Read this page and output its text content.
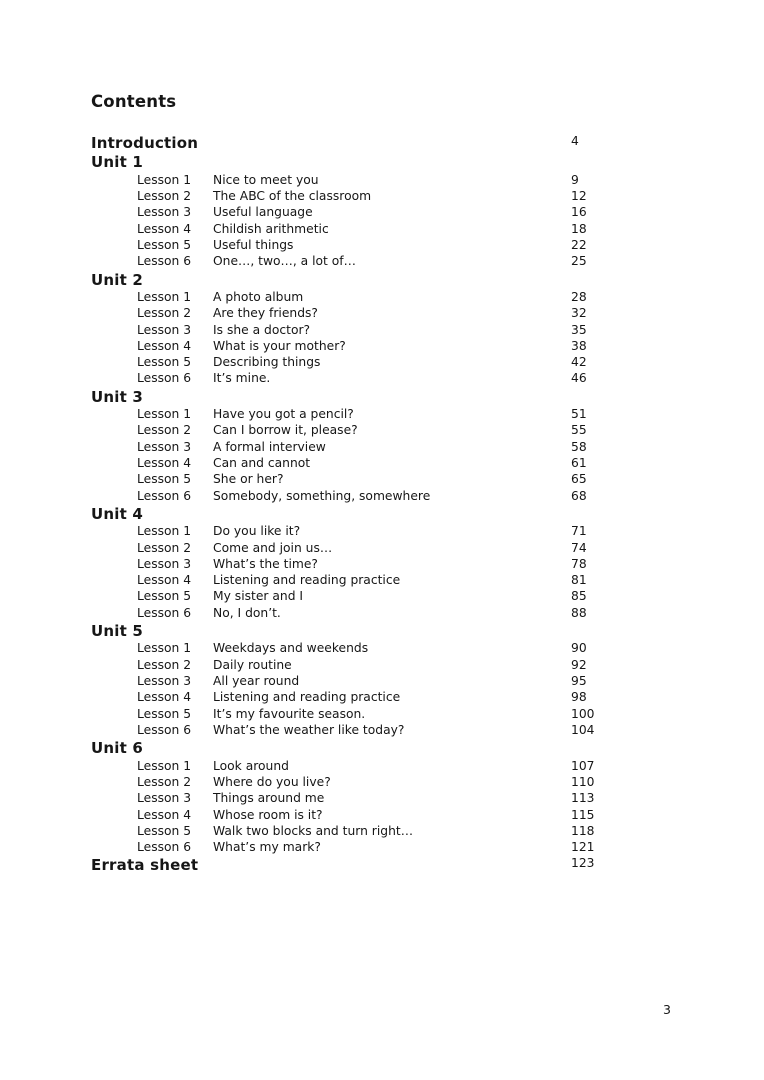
Contents
Introduction	4
Unit 1
Lesson 1 Nice to meet you	9
Lesson 2 The ABC of the classroom	12
Lesson 3 Useful language	16
Lesson 4 Childish arithmetic	18
Lesson 5 Useful things	22
Lesson 6 One…, two…, a lot of…	25
Unit 2
Lesson 1 A photo album	28
Lesson 2 Are they friends?	32
Lesson 3 Is she a doctor?	35
Lesson 4 What is your mother?	38
Lesson 5 Describing things	42
Lesson 6 It’s mine.	46
Unit 3
Lesson 1 Have you got a pencil?	51
Lesson 2 Can I borrow it, please?	55
Lesson 3 A formal interview	58
Lesson 4 Can and cannot	61
Lesson 5 She or her?	65
Lesson 6 Somebody, something, somewhere	68
Unit 4
Lesson 1 Do you like it?	71
Lesson 2 Come and join us…	74
Lesson 3 What’s the time?	78
Lesson 4 Listening and reading practice	81
Lesson 5 My sister and I	85
Lesson 6 No, I don’t.	88
Unit 5
Lesson 1 Weekdays and weekends	90
Lesson 2 Daily routine	92
Lesson 3 All year round	95
Lesson 4 Listening and reading practice	98
Lesson 5 It’s my favourite season.	100
Lesson 6 What’s the weather like today?	104
Unit 6
Lesson 1 Look around	107
Lesson 2 Where do you live?	110
Lesson 3 Things around me	113
Lesson 4 Whose room is it?	115
Lesson 5 Walk two blocks and turn right…	118
Lesson 6 What’s my mark?	121
Errata sheet	123
3
